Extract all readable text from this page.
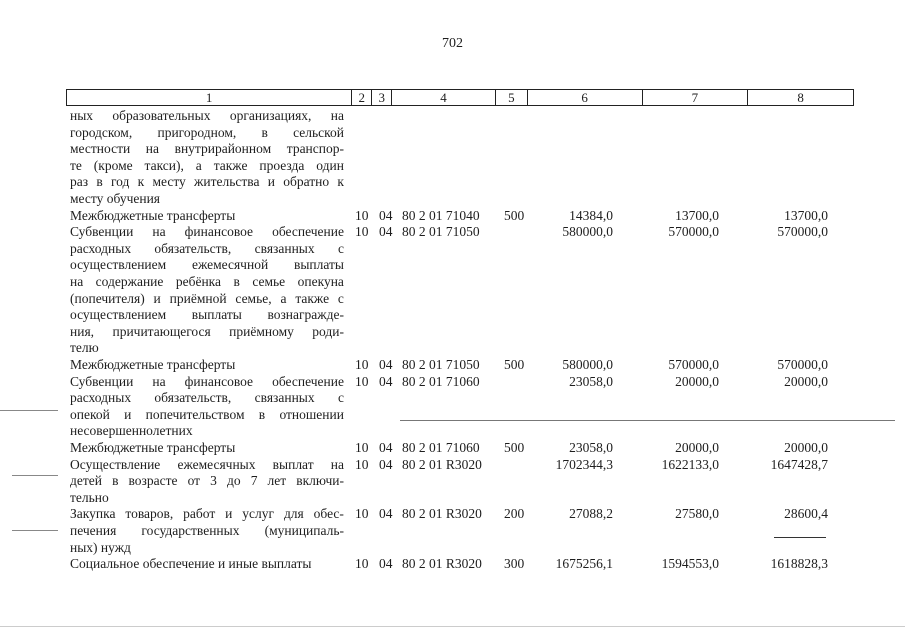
702
1	2	3	4	5	6	7	8
ных образовательных организациях, на
городском, пригородном, в сельской
местности на внутрирайонном транспор-
те (кроме такси), а также проезда один
раз в год к месту жительства и обратно к
месту обучения
Межбюджетные трансферты	10 04 80 2 01 71040 500	14384,0	13700,0	13700,0
Субвенции на финансовое обеспечение
расходных обязательств, связанных с
осуществлением ежемесячной выплаты
на содержание ребёнка в семье опекуна
(попечителя) и приёмной семье, а также с
осуществлением выплаты вознагражде-
ния, причитающегося приёмному роди-
телю
10 04 80 2 01 71050	580000,0	570000,0	570000,0
Межбюджетные трансферты	10 04 80 2 01 71050 500	580000,0	570000,0	570000,0
Субвенции на финансовое обеспечение
расходных обязательств, связанных с
опекой и попечительством в отношении
несовершеннолетних
10 04 80 2 01 71060	23058,0	20000,0	20000,0
Межбюджетные трансферты	10 04 80 2 01 71060 500	23058,0	20000,0	20000,0
Осуществление ежемесячных выплат на
детей в возрасте от 3 до 7 лет включи-
тельно
10 04 80 2 01 R3020	1702344,3	1622133,0	1647428,7
Закупка товаров, работ и услуг для обес-
печения государственных (муниципаль-
ных) нужд
10 04 80 2 01 R3020 200	27088,2	27580,0	28600,4
Социальное обеспечение и иные выплаты	10 04 80 2 01 R3020 300 1675256,1	1594553,0	1618828,3
